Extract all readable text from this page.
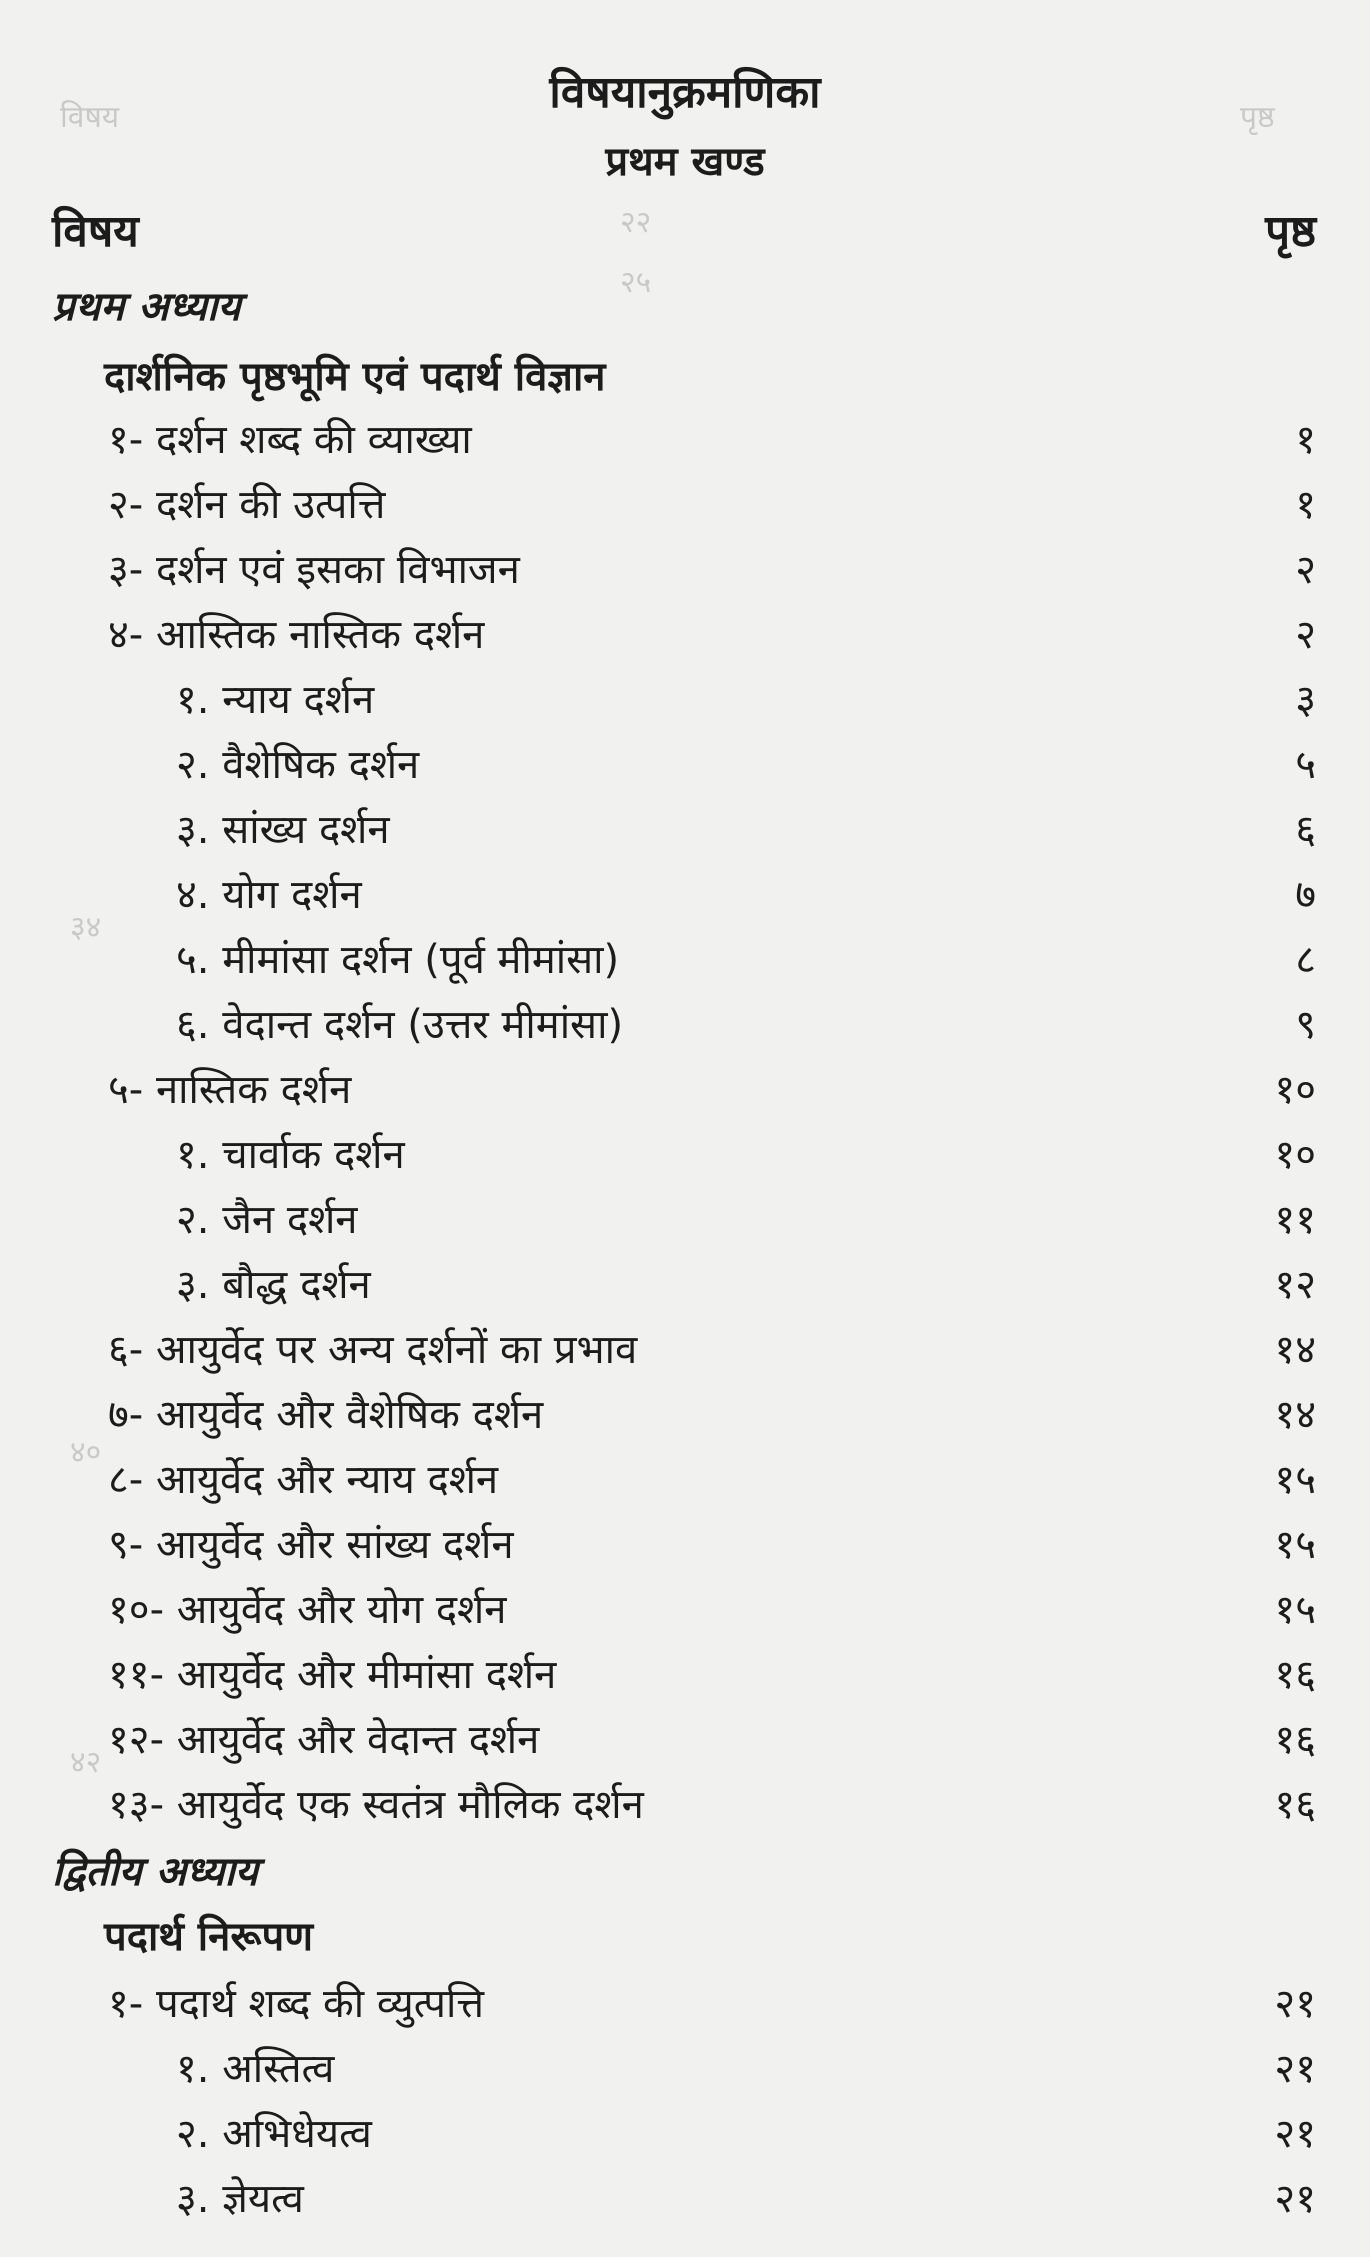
पृष्ठ
विषय
२२
२५
३४
४०
४२
विषयानुक्रमणिका
प्रथम खण्ड
विषय	पृष्ठ
प्रथम अध्याय
दार्शनिक पृष्ठभूमि एवं पदार्थ विज्ञान
१- दर्शन शब्द की व्याख्या	१
२- दर्शन की उत्पत्ति	१
३- दर्शन एवं इसका विभाजन	२
४- आस्तिक नास्तिक दर्शन	२
१. न्याय दर्शन	३
२. वैशेषिक दर्शन	५
३. सांख्य दर्शन	६
४. योग दर्शन	७
५. मीमांसा दर्शन (पूर्व मीमांसा)	८
६. वेदान्त दर्शन (उत्तर मीमांसा)	९
५- नास्तिक दर्शन	१०
१. चार्वाक दर्शन	१०
२. जैन दर्शन	११
३. बौद्ध दर्शन	१२
६- आयुर्वेद पर अन्य दर्शनों का प्रभाव	१४
७- आयुर्वेद और वैशेषिक दर्शन	१४
८- आयुर्वेद और न्याय दर्शन	१५
९- आयुर्वेद और सांख्य दर्शन	१५
१०- आयुर्वेद और योग दर्शन	१५
११- आयुर्वेद और मीमांसा दर्शन	१६
१२- आयुर्वेद और वेदान्त दर्शन	१६
१३- आयुर्वेद एक स्वतंत्र मौलिक दर्शन	१६
द्वितीय अध्याय
पदार्थ निरूपण
१- पदार्थ शब्द की व्युत्पत्ति	२१
१. अस्तित्व	२१
२. अभिधेयत्व	२१
३. ज्ञेयत्व	२१
